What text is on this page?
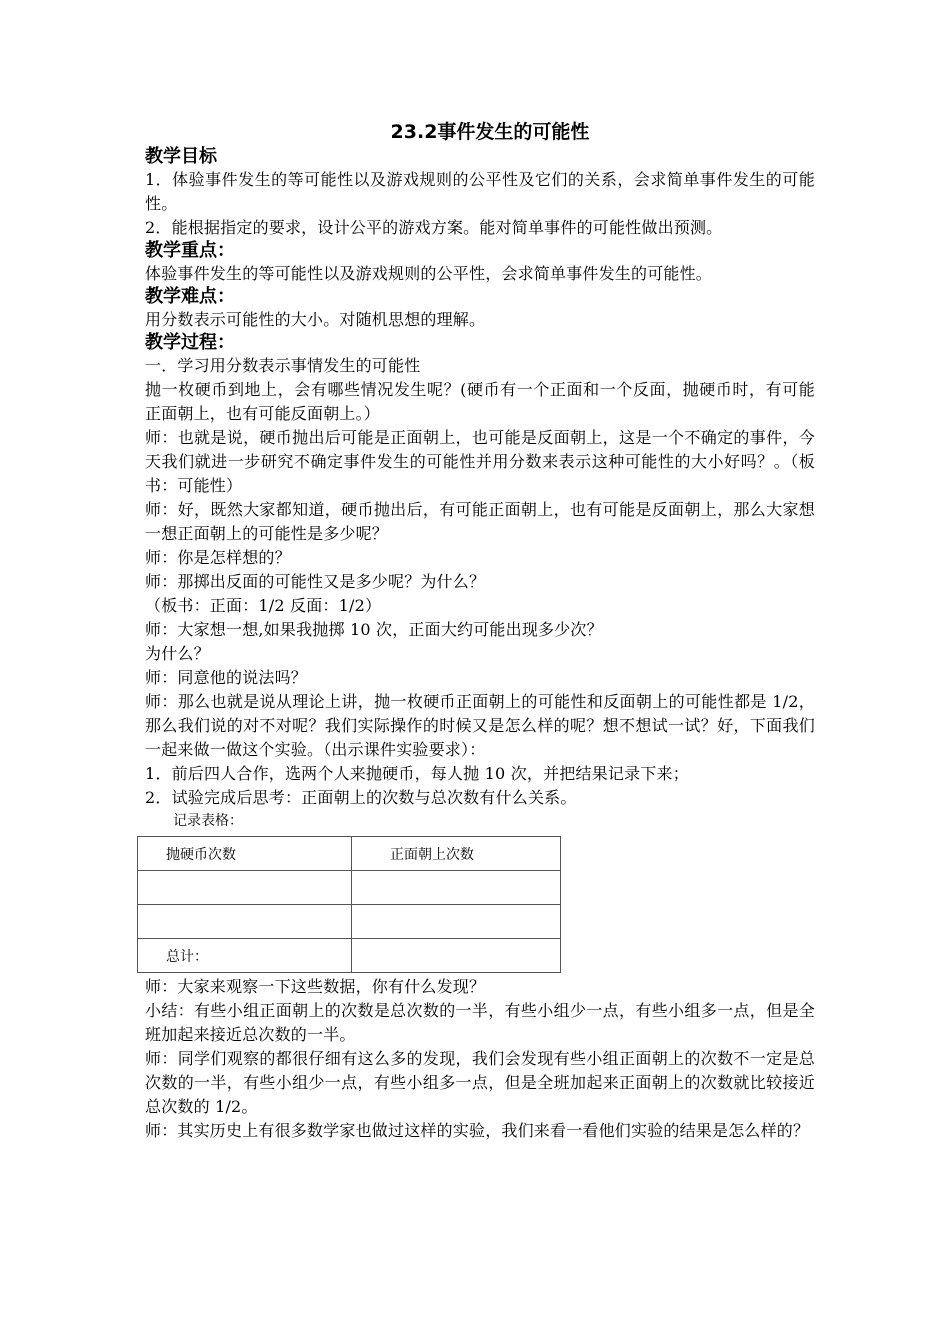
23.2事件发生的可能性

教学目标

1．体验事件发生的等可能性以及游戏规则的公平性及它们的关系，会求简单事件发生的可能性。

2．能根据指定的要求，设计公平的游戏方案。能对简单事件的可能性做出预测。

教学重点：

体验事件发生的等可能性以及游戏规则的公平性，会求简单事件发生的可能性。

教学难点：

用分数表示可能性的大小。对随机思想的理解。

教学过程：

一．学习用分数表示事情发生的可能性

抛一枚硬币到地上，会有哪些情况发生呢？(硬币有一个正面和一个反面，抛硬币时，有可能正面朝上，也有可能反面朝上。）

师：也就是说，硬币抛出后可能是正面朝上，也可能是反面朝上，这是一个不确定的事件，今天我们就进一步研究不确定事件发生的可能性并用分数来表示这种可能性的大小好吗？。（板书：可能性）

师：好，既然大家都知道，硬币抛出后，有可能正面朝上，也有可能是反面朝上，那么大家想一想正面朝上的可能性是多少呢？

师：你是怎样想的？

师：那掷出反面的可能性又是多少呢？为什么？

（板书：正面：1/2 反面：1/2）

师：大家想一想,如果我抛掷 10 次，正面大约可能出现多少次？

为什么？

师：同意他的说法吗？

师：那么也就是说从理论上讲，抛一枚硬币正面朝上的可能性和反面朝上的可能性都是 1/2，那么我们说的对不对呢？我们实际操作的时候又是怎么样的呢？想不想试一试？好，下面我们一起来做一做这个实验。（出示课件实验要求）：

1．前后四人合作，选两个人来抛硬币，每人抛 10 次，并把结果记录下来；

2．试验完成后思考：正面朝上的次数与总次数有什么关系。

记录表格：

抛硬币次数	正面朝上次数

总计：	

师：大家来观察一下这些数据，你有什么发现？

小结：有些小组正面朝上的次数是总次数的一半，有些小组少一点，有些小组多一点，但是全班加起来接近总次数的一半。

师：同学们观察的都很仔细有这么多的发现，我们会发现有些小组正面朝上的次数不一定是总次数的一半，有些小组少一点，有些小组多一点，但是全班加起来正面朝上的次数就比较接近总次数的 1/2。

师：其实历史上有很多数学家也做过这样的实验，我们来看一看他们实验的结果是怎么样的？
